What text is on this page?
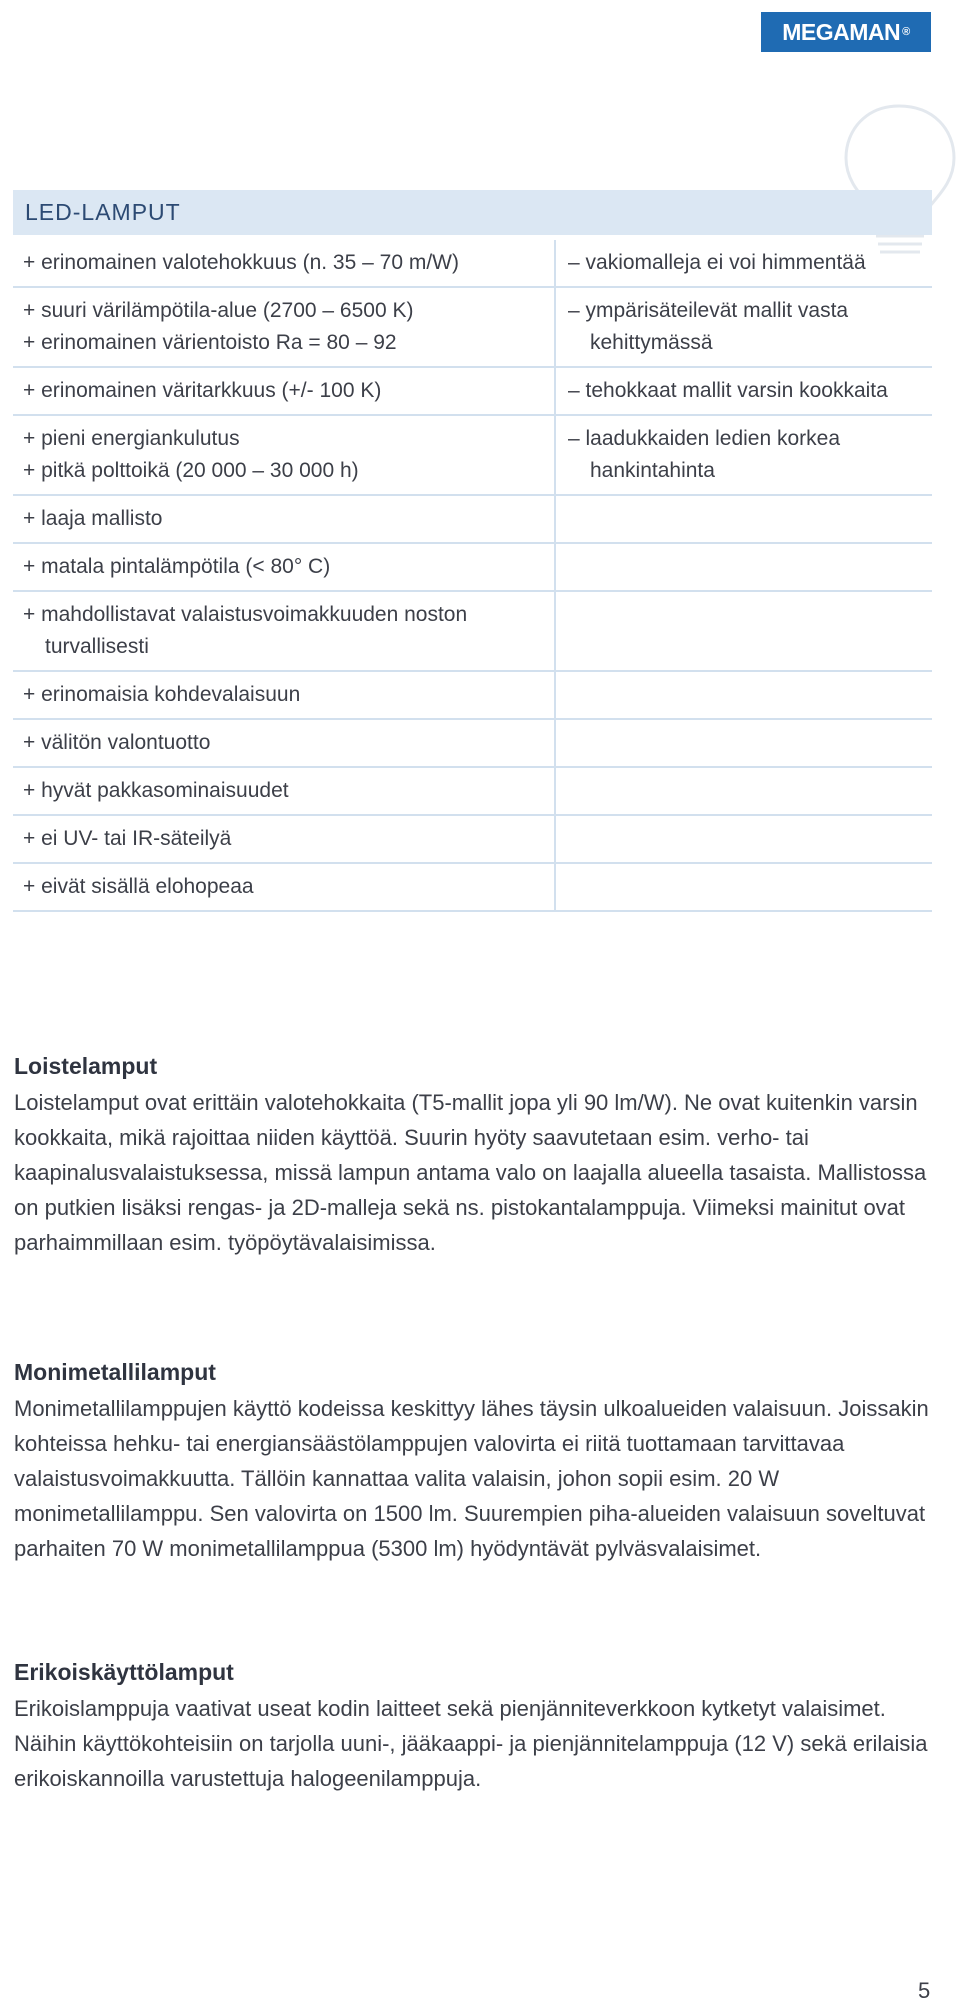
MEGAMAN ®
LED-LAMPUT
+ erinomainen valotehokkuus (n. 35 – 70 m/W)	– vakiomalleja ei voi himmentää

+ suuri värilämpötila-alue (2700 – 6500 K)
+ erinomainen värientoisto Ra = 80 – 92	– ympärisäteilevät mallit vasta kehittymässä

+ erinomainen väritarkkuus (+/- 100 K)	– tehokkaat mallit varsin kookkaita

+ pieni energiankulutus
+ pitkä polttoikä (20 000 – 30 000 h)	– laadukkaiden ledien korkea hankintahinta

+ laaja mallisto	

+ matala pintalämpötila (< 80° C)	

+ mahdollistavat valaistusvoimakkuuden noston turvallisesti	

+ erinomaisia kohdevalaisuun	

+ välitön valontuotto	

+ hyvät pakkasominaisuudet	

+ ei UV- tai IR-säteilyä	

+ eivät sisällä elohopeaa	

Loistelamput

Loistelamput ovat erittäin valotehokkaita (T5-mallit jopa yli 90 lm/W). Ne ovat kuitenkin varsin kookkaita, mikä rajoittaa niiden käyttöä. Suurin hyöty saavutetaan esim. verho- tai kaapinalusvalaistuksessa, missä lampun antama valo on laajalla alueella tasaista. Mallistossa on putkien lisäksi rengas- ja 2D-malleja sekä ns. pistokantalamppuja. Viimeksi mainitut ovat parhaimmillaan esim. työpöytävalaisimissa.

Monimetallilamput

Monimetallilamppujen käyttö kodeissa keskittyy lähes täysin ulkoalueiden valaisuun. Joissakin kohteissa hehku- tai energiansäästölamppujen valovirta ei riitä tuottamaan tarvittavaa valaistusvoimakkuutta. Tällöin kannattaa valita valaisin, johon sopii esim. 20 W monimetallilamppu. Sen valovirta on 1500 lm. Suurempien piha-alueiden valaisuun soveltuvat parhaiten 70 W monimetallilamppua (5300 lm) hyödyntävät pylväsvalaisimet.

Erikoiskäyttölamput

Erikoislamppuja vaativat useat kodin laitteet sekä pienjänniteverkkoon kytketyt valaisimet. Näihin käyttökohteisiin on tarjolla uuni-, jääkaappi- ja pienjännitelamppuja (12 V) sekä erilaisia erikoiskannoilla varustettuja halogeenilamppuja.

5
